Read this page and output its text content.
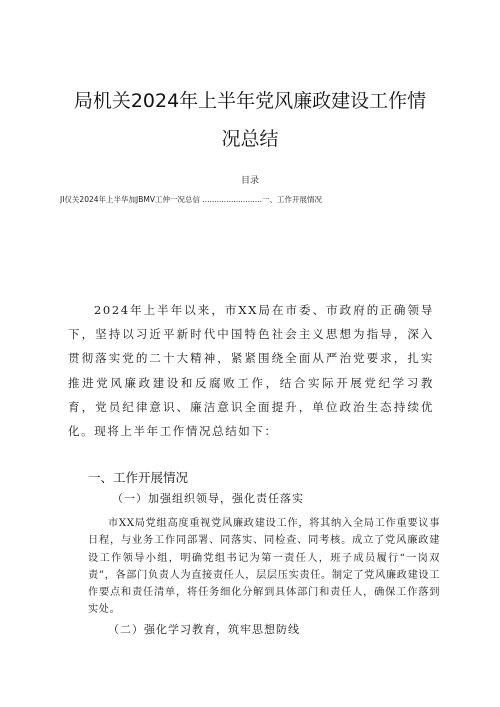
局机关2024年上半年党风廉政建设工作情
况总结
目录
JI仅关2024年上半华加JBMV工仲一况总信 .........................一、工作开展情况
2024年上半年以来，市XX局在市委、市政府的正确领导下，坚持以习近平新时代中国特色社会主义思想为指导，深入贯彻落实党的二十大精神，紧紧围绕全面从严治党要求，扎实推进党风廉政建设和反腐败工作，结合实际开展党纪学习教育，党员纪律意识、廉洁意识全面提升，单位政治生态持续优化。现将上半年工作情况总结如下：
一、工作开展情况
（一）加强组织领导，强化责任落实
市XX局党组高度重视党风廉政建设工作，将其纳入全局工作重要议事日程，与业务工作同部署、同落实、同检查、同考核。成立了党风廉政建设工作领导小组，明确党组书记为第一责任人，班子成员履行“一岗双责”，各部门负责人为直接责任人，层层压实责任。制定了党风廉政建设工作要点和责任清单，将任务细化分解到具体部门和责任人，确保工作落到实处。
（二）强化学习教育，筑牢思想防线
